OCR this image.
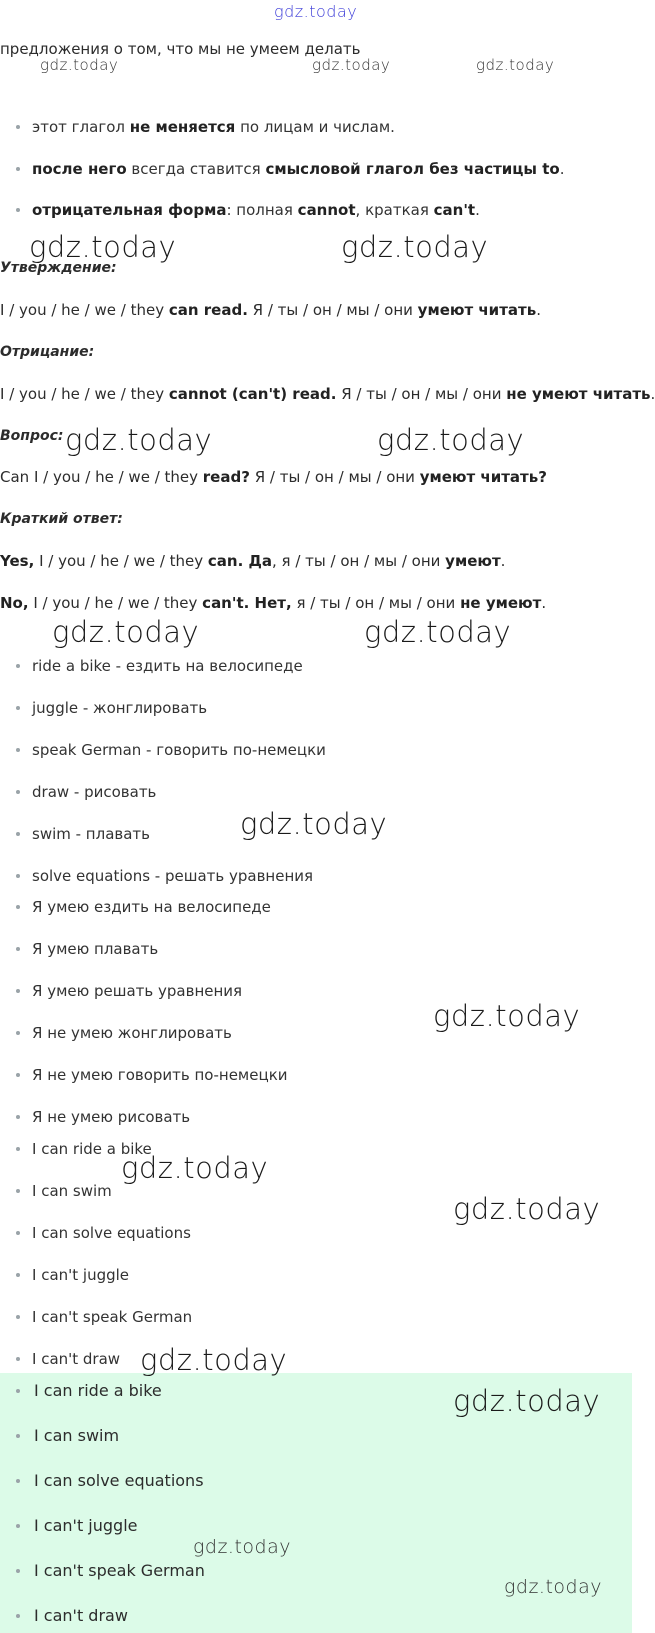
предложения о том, что мы не умеем делать
этот глагол не меняется по лицам и числам.
после него всегда ставится смысловой глагол без частицы to.
отрицательная форма: полная cannot, краткая can't.
Утверждение:
I / you / he / we / they can read. Я / ты / он / мы / они умеют читать.
Отрицание:
I / you / he / we / they cannot (can't) read. Я / ты / он / мы / они не умеют читать.
Вопрос:
Can I / you / he / we / they read? Я / ты / он / мы / они умеют читать?
Краткий ответ:
Yes, I / you / he / we / they can. Да, я / ты / он / мы / они умеют.
No, I / you / he / we / they can't. Нет, я / ты / он / мы / они не умеют.
ride a bike - ездить на велосипеде
juggle - жонглировать
speak German - говорить по-немецки
draw - рисовать
swim - плавать
solve equations - решать уравнения
Я умею ездить на велосипеде
Я умею плавать
Я умею решать уравнения
Я не умею жонглировать
Я не умею говорить по-немецки
Я не умею рисовать
I can ride a bike
I can swim
I can solve equations
I can't juggle
I can't speak German
I can't draw
I can ride a bike
I can swim
I can solve equations
I can't juggle
I can't speak German
I can't draw
gdz.today
gdz.today	gdz.today	gdz.today
gdz.today	gdz.today
gdz.today	gdz.today
gdz.today	gdz.today
gdz.today
gdz.today
gdz.today
gdz.today
gdz.today
gdz.today
gdz.today
gdz.today
